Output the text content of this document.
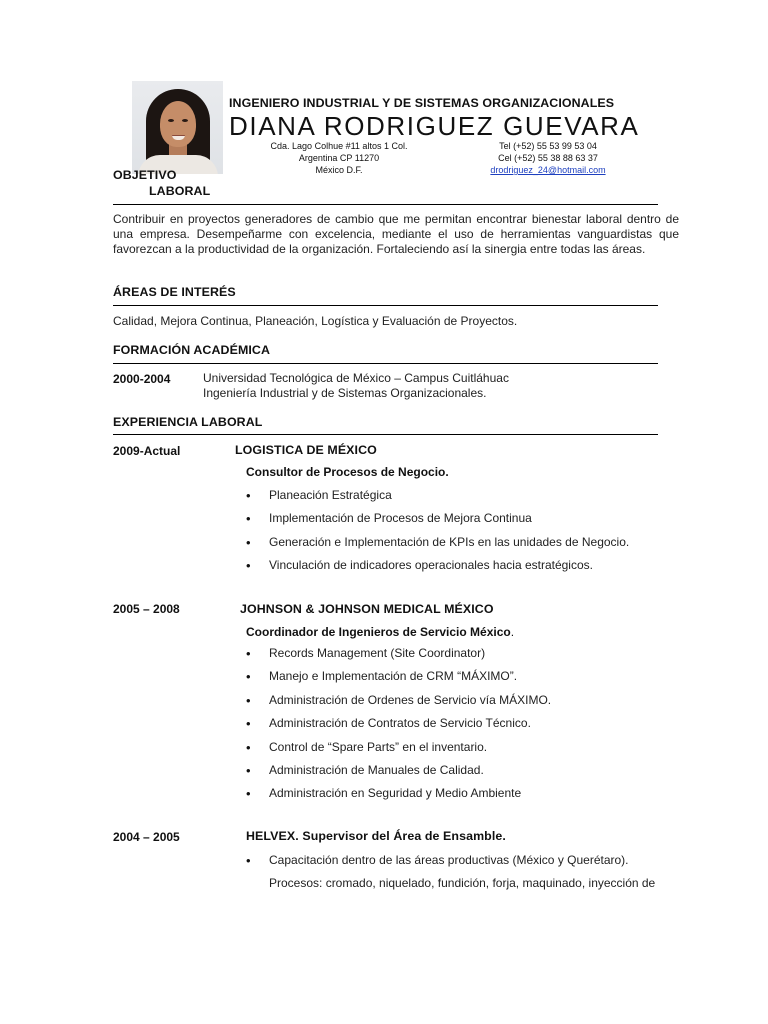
INGENIERO INDUSTRIAL Y DE SISTEMAS ORGANIZACIONALES
DIANA RODRIGUEZ GUEVARA
Cda. Lago Colhue #11 altos 1 Col.
Argentina CP 11270
México D.F.
Tel (+52) 55 53 99 53 04
Cel (+52) 55 38 88 63 37
drodriguez_24@hotmail.com
OBJETIVO
LABORAL
Contribuir en proyectos generadores de cambio que me permitan encontrar bienestar laboral dentro de una empresa. Desempeñarme con excelencia, mediante el uso de herramientas vanguardistas que favorezcan a la productividad de la organización. Fortaleciendo así la sinergia entre todas las áreas.
ÁREAS DE INTERÉS
Calidad, Mejora Continua, Planeación, Logística y Evaluación de Proyectos.
FORMACIÓN ACADÉMICA
2000-2004	Universidad Tecnológica de México – Campus Cuitláhuac
Ingeniería Industrial y de Sistemas Organizacionales.
EXPERIENCIA LABORAL
2009-Actual	LOGISTICA DE MÉXICO
Consultor de Procesos de Negocio.
• Planeación Estratégica
• Implementación de Procesos de Mejora Continua
• Generación e Implementación de KPIs en las unidades de Negocio.
• Vinculación de indicadores operacionales hacia estratégicos.
2005 – 2008	JOHNSON & JOHNSON MEDICAL MÉXICO
Coordinador de Ingenieros de Servicio México.
• Records Management (Site Coordinator)
• Manejo e Implementación de CRM “MÁXIMO”.
• Administración de Ordenes de Servicio vía MÁXIMO.
• Administración de Contratos de Servicio Técnico.
• Control de “Spare Parts” en el inventario.
• Administración de Manuales de Calidad.
• Administración en Seguridad y Medio Ambiente
2004 – 2005	HELVEX. Supervisor del Área de Ensamble.
• Capacitación dentro de las áreas productivas (México y Querétaro).
Procesos: cromado, niquelado, fundición, forja, maquinado, inyección de
